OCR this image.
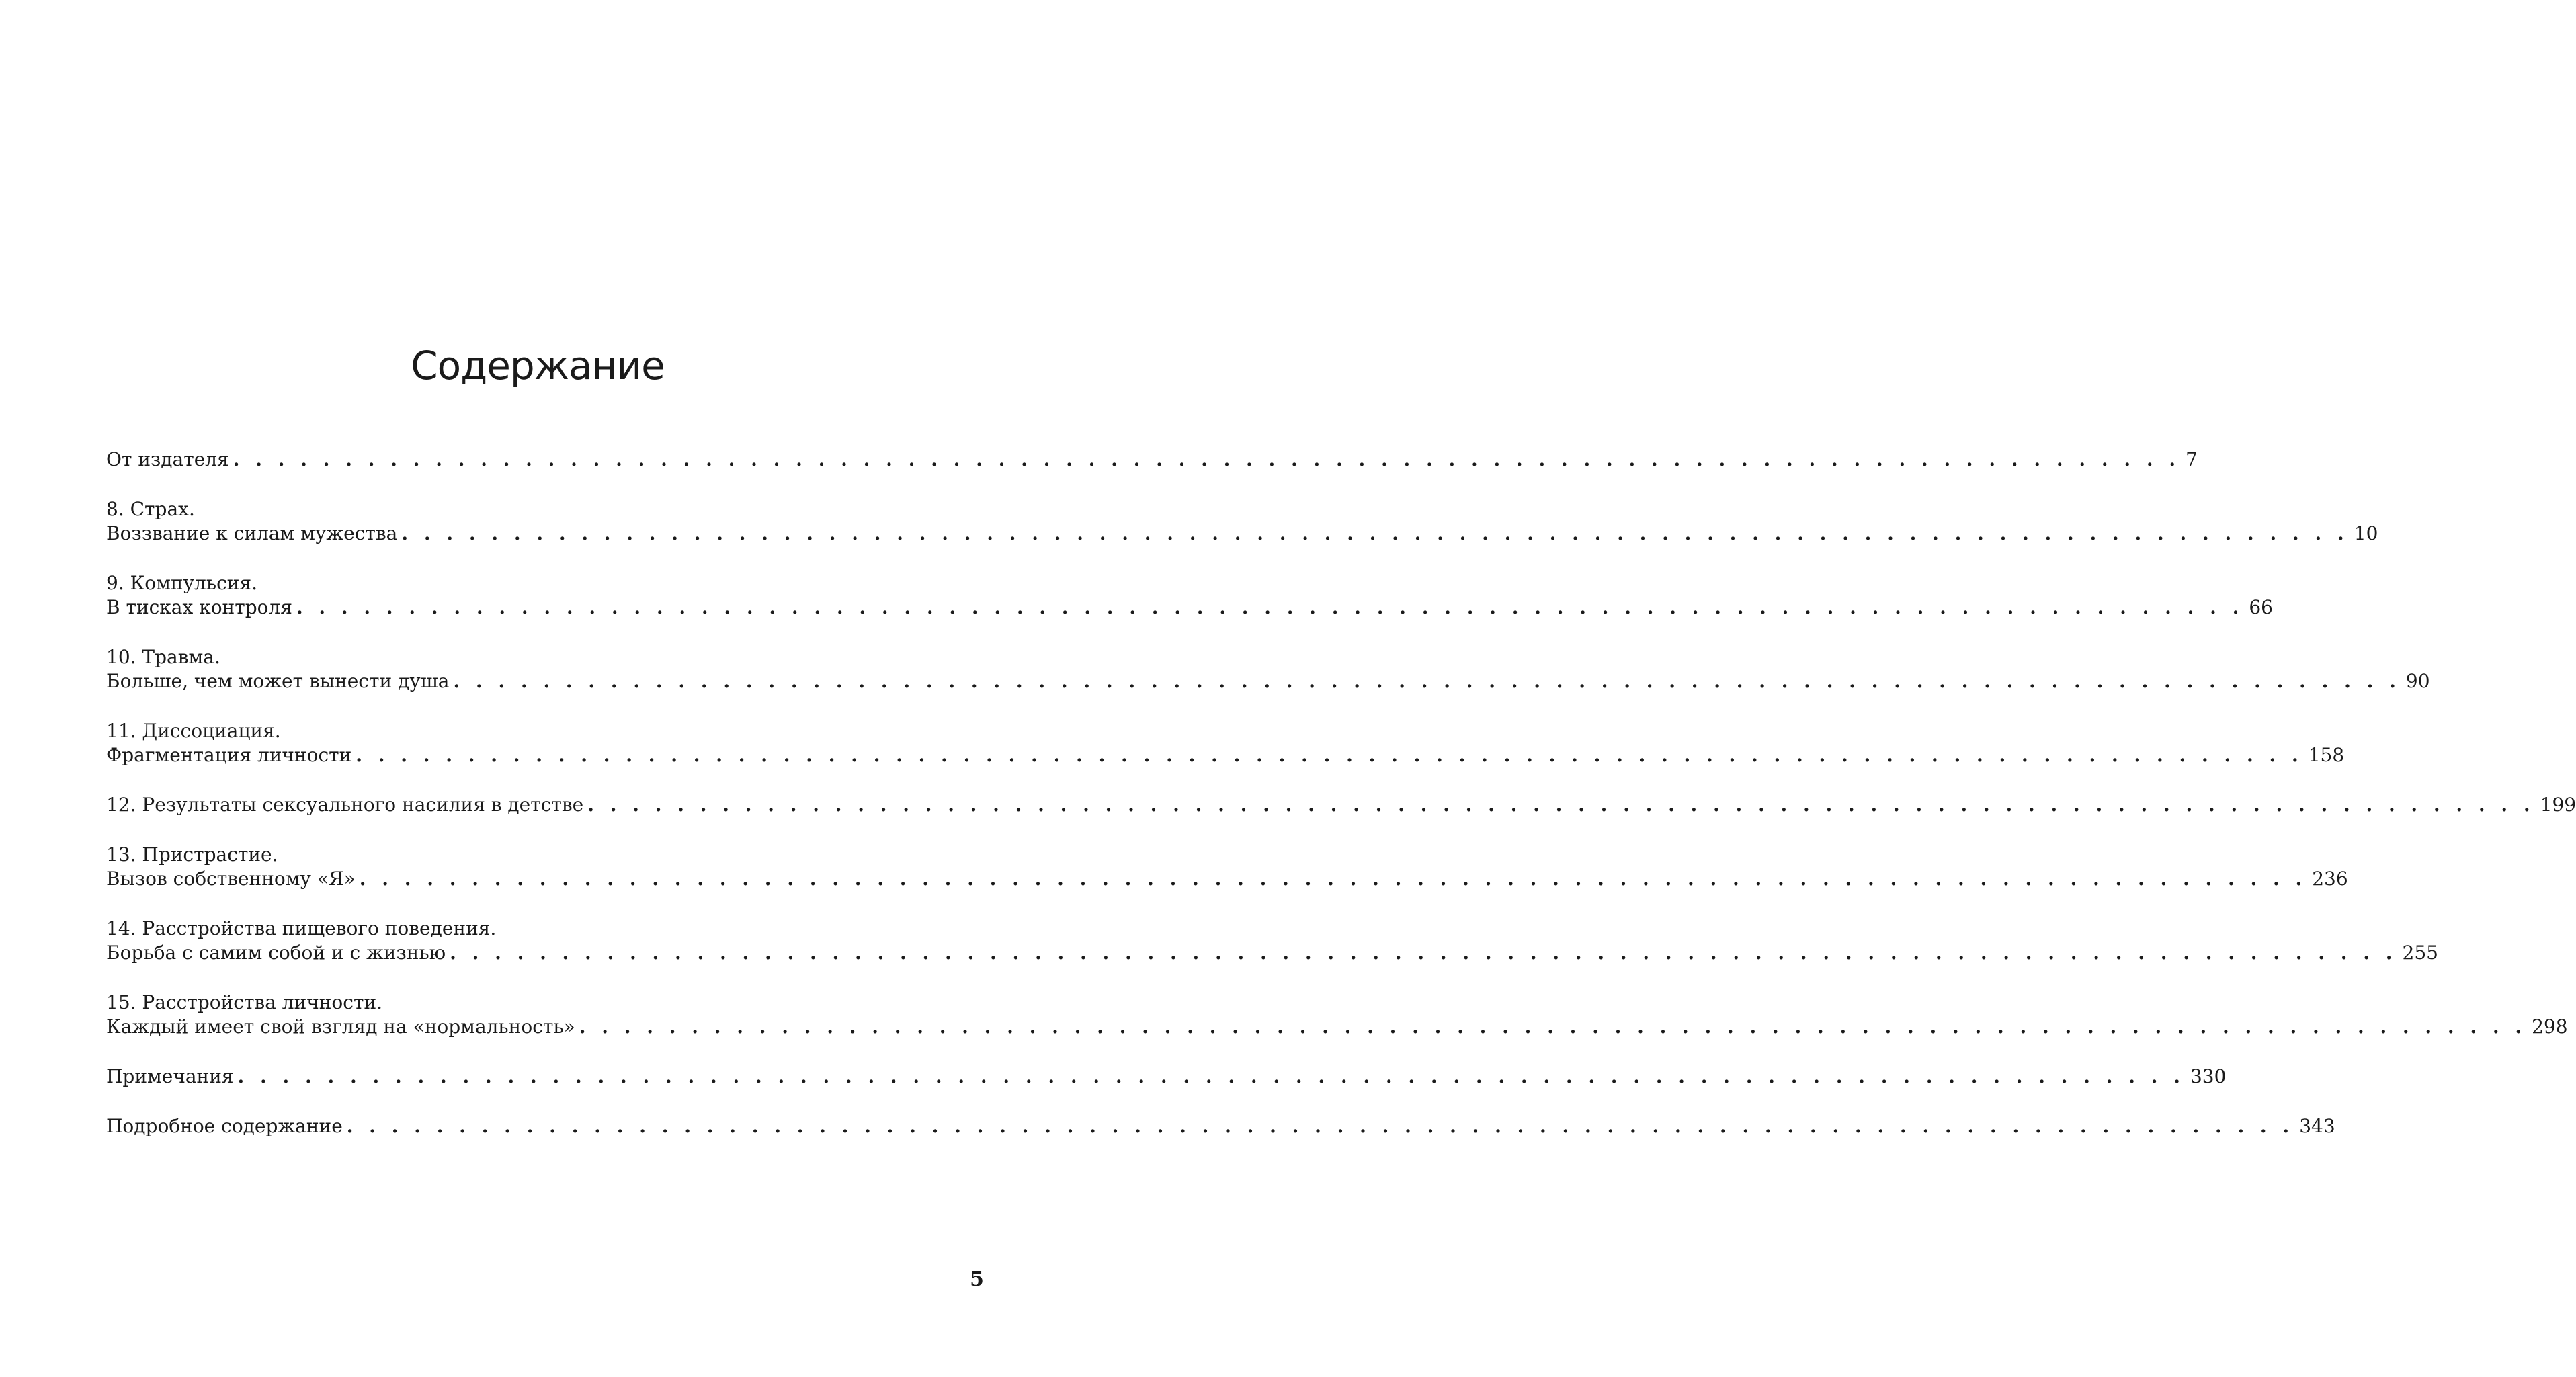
Содержание
От издателя . . . . . . . . . . . . . . . . . . . . . . . . . . . . . . . . . . . . . . . . . . . . . . . . . . . . . . . . . . . . . . . . . . . . . . . . . . . . . . . . . . . . . . . 7
8. Страх.
Воззвание к силам мужества . . . . . . . . . . . . . . . . . . . . . . . . . . . . . . . . . . . . . . . . . . . . . . . . . . . . . . . . . . . . . . . . . . . . . . . . . . . . . . . . . . . . . . . 10
9. Компульсия.
В тисках контроля . . . . . . . . . . . . . . . . . . . . . . . . . . . . . . . . . . . . . . . . . . . . . . . . . . . . . . . . . . . . . . . . . . . . . . . . . . . . . . . . . . . . . . . 66
10. Травма.
Больше, чем может вынести душа . . . . . . . . . . . . . . . . . . . . . . . . . . . . . . . . . . . . . . . . . . . . . . . . . . . . . . . . . . . . . . . . . . . . . . . . . . . . . . . . . . . . . . . 90
11. Диссоциация.
Фрагментация личности . . . . . . . . . . . . . . . . . . . . . . . . . . . . . . . . . . . . . . . . . . . . . . . . . . . . . . . . . . . . . . . . . . . . . . . . . . . . . . . . . . . . . . . 158
12. Результаты сексуального насилия в детстве . . . . . . . . . . . . . . . . . . . . . . . . . . . . . . . . . . . . . . . . . . . . . . . . . . . . . . . . . . . . . . . . . . . . . . . . . . . . . . . . . . . . . . . 199
13. Пристрастие.
Вызов собственному «Я» . . . . . . . . . . . . . . . . . . . . . . . . . . . . . . . . . . . . . . . . . . . . . . . . . . . . . . . . . . . . . . . . . . . . . . . . . . . . . . . . . . . . . . . 236
14. Расстройства пищевого поведения.
Борьба с самим собой и с жизнью . . . . . . . . . . . . . . . . . . . . . . . . . . . . . . . . . . . . . . . . . . . . . . . . . . . . . . . . . . . . . . . . . . . . . . . . . . . . . . . . . . . . . . . 255
15. Расстройства личности.
Каждый имеет свой взгляд на «нормальность» . . . . . . . . . . . . . . . . . . . . . . . . . . . . . . . . . . . . . . . . . . . . . . . . . . . . . . . . . . . . . . . . . . . . . . . . . . . . . . . . . . . . . . . 298
Примечания . . . . . . . . . . . . . . . . . . . . . . . . . . . . . . . . . . . . . . . . . . . . . . . . . . . . . . . . . . . . . . . . . . . . . . . . . . . . . . . . . . . . . . . 330
Подробное содержание . . . . . . . . . . . . . . . . . . . . . . . . . . . . . . . . . . . . . . . . . . . . . . . . . . . . . . . . . . . . . . . . . . . . . . . . . . . . . . . . . . . . . . . 343
5
